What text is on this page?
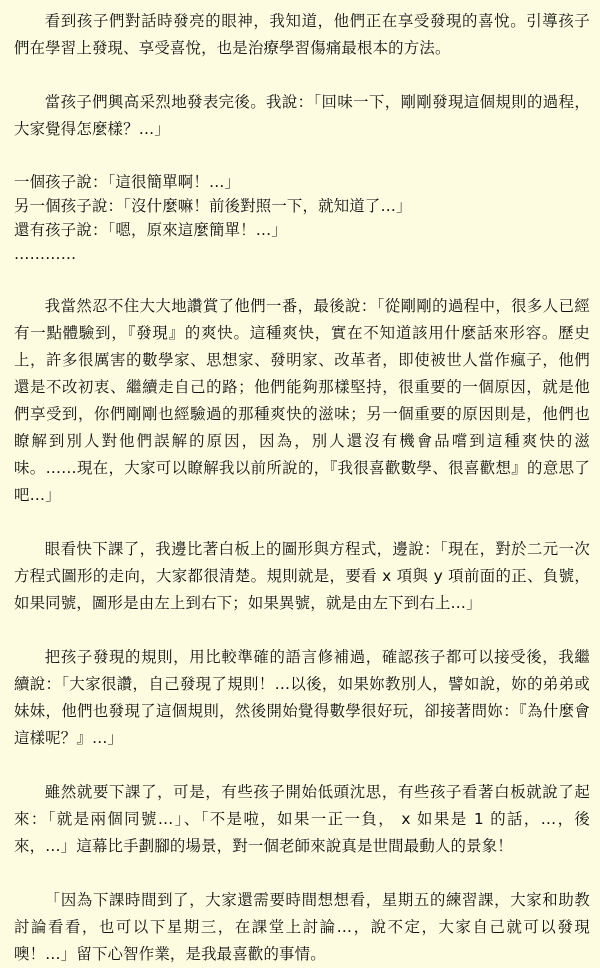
看到孩子們對話時發亮的眼神，我知道，他們正在享受發現的喜悅。引導孩子們在學習上發現、享受喜悅，也是治療學習傷痛最根本的方法。

當孩子們興高采烈地發表完後。我說：「回味一下，剛剛發現這個規則的過程，大家覺得怎麼樣？…」

一個孩子說：「這很簡單啊！…」

另一個孩子說：「沒什麼嘛！前後對照一下，就知道了…」

還有孩子說：「嗯，原來這麼簡單！…」

…………

我當然忍不住大大地讚賞了他們一番，最後說：「從剛剛的過程中，很多人已經有一點體驗到，『發現』的爽快。這種爽快，實在不知道該用什麼話來形容。歷史上，許多很厲害的數學家、思想家、發明家、改革者，即使被世人當作瘋子，他們還是不改初衷、繼續走自己的路；他們能夠那樣堅持，很重要的一個原因，就是他們享受到，你們剛剛也經驗過的那種爽快的滋味；另一個重要的原因則是，他們也瞭解到別人對他們誤解的原因，因為，別人還沒有機會品嚐到這種爽快的滋味。……現在，大家可以瞭解我以前所說的，『我很喜歡數學、很喜歡想』的意思了吧…」

眼看快下課了，我邊比著白板上的圖形與方程式，邊說：「現在，對於二元一次方程式圖形的走向，大家都很清楚。規則就是，要看 x 項與 y 項前面的正、負號，如果同號，圖形是由左上到右下；如果異號，就是由左下到右上…」

把孩子發現的規則，用比較準確的語言修補過，確認孩子都可以接受後，我繼續說：「大家很讚，自己發現了規則！…以後，如果妳教別人，譬如說，妳的弟弟或妹妹，他們也發現了這個規則，然後開始覺得數學很好玩，卻接著問妳：『為什麼會這樣呢？』…」

雖然就要下課了，可是，有些孩子開始低頭沈思，有些孩子看著白板就說了起來：「就是兩個同號…」、「不是啦，如果一正一負， x 如果是 1 的話，…，後來，…」這幕比手劃腳的場景，對一個老師來說真是世間最動人的景象！

「因為下課時間到了，大家還需要時間想想看，星期五的練習課，大家和助教討論看看，也可以下星期三，在課堂上討論…，說不定，大家自己就可以發現噢！…」留下心智作業，是我最喜歡的事情。
